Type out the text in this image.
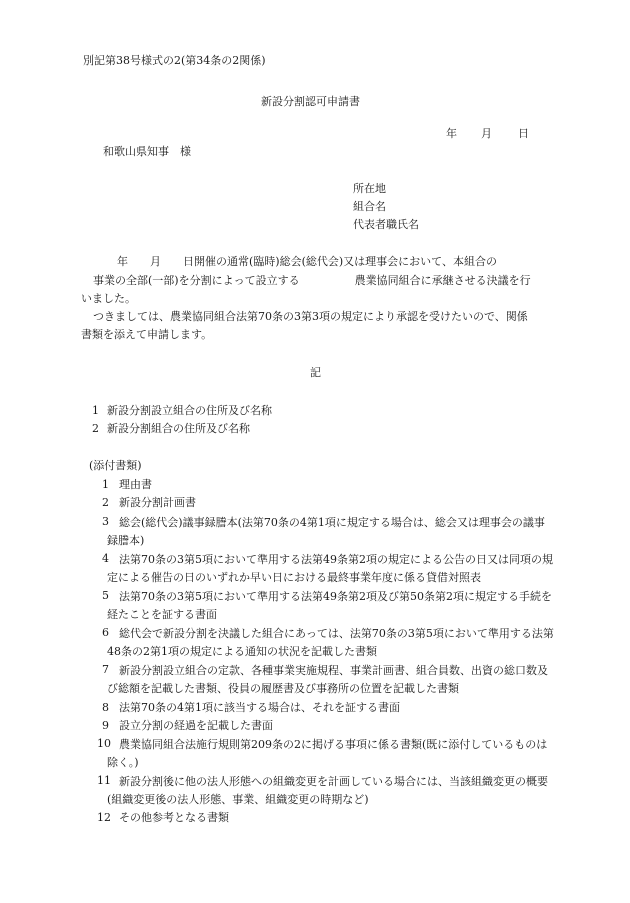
別記第38号様式の2(第34条の2関係)
新設分割認可申請書
年 月 日
和歌山県知事　様
所在地
組合名
代表者職氏名
年　　月　　日開催の通常(臨時)総会(総代会)又は理事会において、本組合の
事業の全部(一部)を分割によって設立する　　　　　農業協同組合に承継させる決議を行
いました。
つきましては、農業協同組合法第70条の3第3項の規定により承認を受けたいので、関係
書類を添えて申請します。
記
1 新設分割設立組合の住所及び名称
2 新設分割組合の住所及び名称
(添付書類)
1 理由書
2 新設分割計画書
3 総会(総代会)議事録謄本(法第70条の4第1項に規定する場合は、総会又は理事会の議事録謄本)
4 法第70条の3第5項において準用する法第49条第2項の規定による公告の日又は同項の規定による催告の日のいずれか早い日における最終事業年度に係る貸借対照表
5 法第70条の3第5項において準用する法第49条第2項及び第50条第2項に規定する手続を経たことを証する書面
6 総代会で新設分割を決議した組合にあっては、法第70条の3第5項において準用する法第48条の2第1項の規定による通知の状況を記載した書類
7 新設分割設立組合の定款、各種事業実施規程、事業計画書、組合員数、出資の総口数及び総額を記載した書類、役員の履歴書及び事務所の位置を記載した書類
8 法第70条の4第1項に該当する場合は、それを証する書面
9 設立分割の経過を記載した書面
10 農業協同組合法施行規則第209条の2に掲げる事項に係る書類(既に添付しているものは除く。)
11 新設分割後に他の法人形態への組織変更を計画している場合には、当該組織変更の概要(組織変更後の法人形態、事業、組織変更の時期など)
12 その他参考となる書類
